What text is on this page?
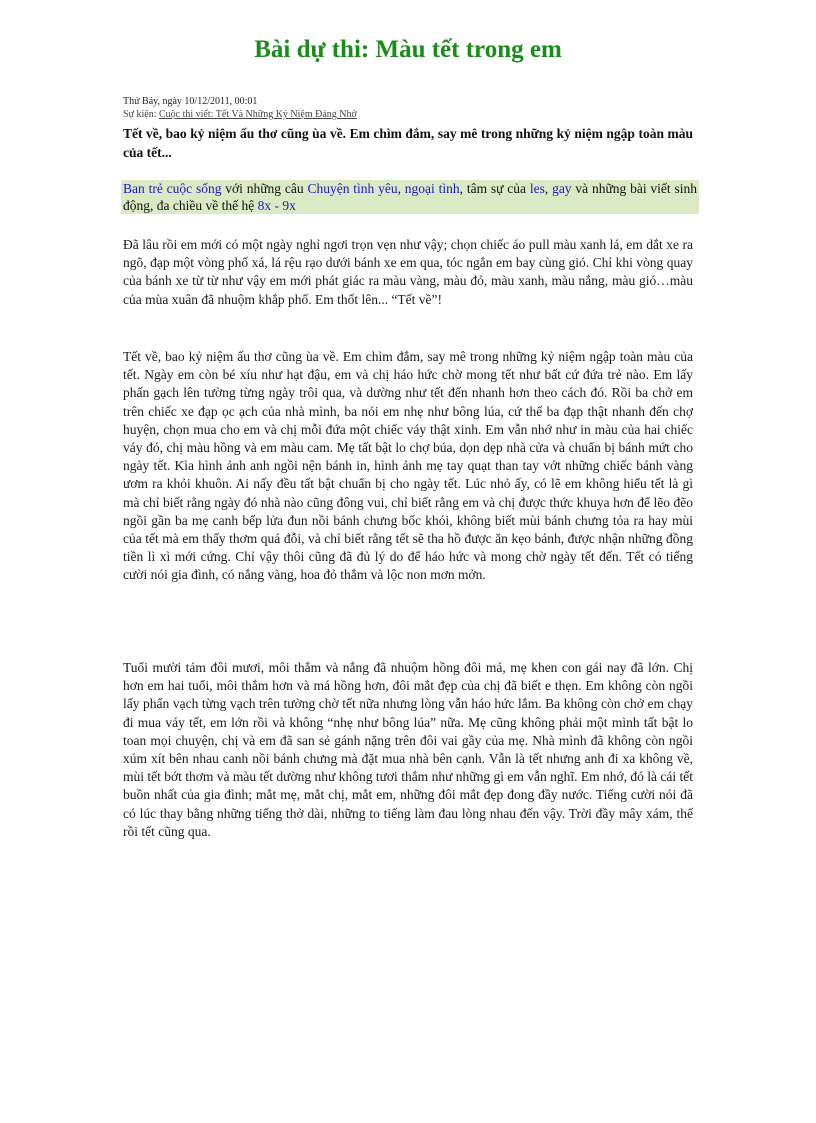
Bài dự thi: Màu tết trong em
Thứ Bảy, ngày 10/12/2011, 00:01
Sự kiện: Cuộc thi viết: Tết Và Những Kỷ Niệm Đáng Nhớ
Tết về, bao kỷ niệm ấu thơ cũng ùa về. Em chìm đắm, say mê trong những kỷ niệm ngập toàn màu của tết...
Ban trẻ cuộc sống với những câu Chuyện tình yêu, ngoại tình, tâm sự của les, gay và những bài viết sinh động, đa chiều về thế hệ 8x - 9x
Đã lâu rồi em mới có một ngày nghỉ ngơi trọn vẹn như vậy; chọn chiếc áo pull màu xanh lá, em dắt xe ra ngõ, đạp một vòng phố xá, lá rệu rạo dưới bánh xe em qua, tóc ngắn em bay cùng gió. Chỉ khi vòng quay của bánh xe từ từ như vậy em mới phát giác ra màu vàng, màu đỏ, màu xanh, màu nắng, màu gió…màu của mùa xuân đã nhuộm khắp phố. Em thốt lên... “Tết về”!
Tết về, bao kỷ niệm ấu thơ cũng ùa về. Em chìm đắm, say mê trong những kỷ niệm ngập toàn màu của tết. Ngày em còn bé xíu như hạt đậu, em và chị háo hức chờ mong tết như bất cứ đứa trẻ nào. Em lấy phấn gạch lên tường từng ngày trôi qua, và dường như tết đến nhanh hơn theo cách đó. Rồi ba chở em trên chiếc xe đạp ọc ạch của nhà mình, ba nói em nhẹ như bông lúa, cứ thế ba đạp thật nhanh đến chợ huyện, chọn mua cho em và chị mỗi đứa một chiếc váy thật xinh. Em vẫn nhớ như in màu của hai chiếc váy đó, chị màu hồng và em màu cam. Mẹ tất bật lo chợ búa, dọn dẹp nhà cửa và chuẩn bị bánh mứt cho ngày tết. Kìa hình ảnh anh ngồi nện bánh in, hình ảnh mẹ tay quạt than tay vớt những chiếc bánh vàng ươm ra khỏi khuôn. Ai nấy đều tất bật chuẩn bị cho ngày tết. Lúc nhỏ ấy, có lẽ em không hiểu tết là gì mà chỉ biết rằng ngày đó nhà nào cũng đông vui, chỉ biết rằng em và chị được thức khuya hơn để lẽo đẽo ngồi gần ba mẹ canh bếp lửa đun nồi bánh chưng bốc khói, không biết mùi bánh chưng tỏa ra hay mùi của tết mà em thấy thơm quá đỗi, và chỉ biết rằng tết sẽ tha hồ được ăn kẹo bánh, được nhận những đồng tiền lì xì mới cứng. Chỉ vậy thôi cũng đã đủ lý do để háo hức và mong chờ ngày tết đến. Tết có tiếng cười nói gia đình, có nắng vàng, hoa đỏ thắm và lộc non mơn mởn.
Tuổi mười tám đôi mươi, môi thắm và nắng đã nhuộm hồng đôi má, mẹ khen con gái nay đã lớn. Chị hơn em hai tuổi, môi thắm hơn và má hồng hơn, đôi mắt đẹp của chị đã biết e thẹn. Em không còn ngồi lấy phấn vạch từng vạch trên tường chờ tết nữa nhưng lòng vẫn háo hức lắm. Ba không còn chở em chạy đi mua váy tết, em lớn rồi và không “nhẹ như bông lúa” nữa. Mẹ cũng không phải một mình tất bật lo toan mọi chuyện, chị và em đã san sẻ gánh nặng trên đôi vai gầy của mẹ. Nhà mình đã không còn ngồi xúm xít bên nhau canh nồi bánh chưng mà đặt mua nhà bên cạnh. Vẫn là tết nhưng anh đi xa không về, mùi tết bớt thơm và màu tết dường như không tươi thắm như những gì em vẫn nghĩ. Em nhớ, đó là cái tết buồn nhất của gia đình; mắt mẹ, mắt chị, mắt em, những đôi mắt đẹp đong đầy nước. Tiếng cười nói đã có lúc thay bằng những tiếng thở dài, những to tiếng làm đau lòng nhau đến vậy. Trời đầy mây xám, thế rồi tết cũng qua.
